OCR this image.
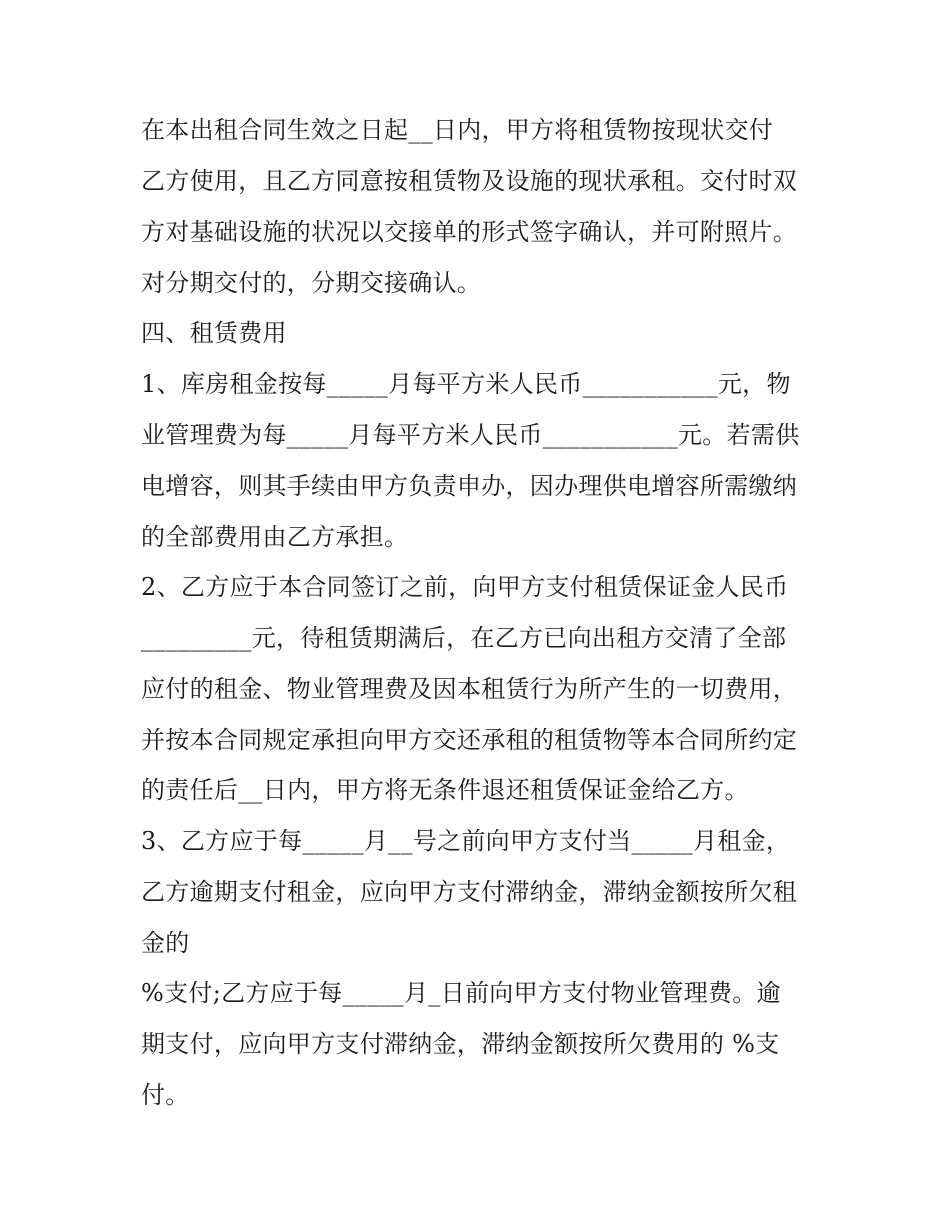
在本出租合同生效之日起__日内，甲方将租赁物按现状交付
乙方使用，且乙方同意按租赁物及设施的现状承租。交付时双
方对基础设施的状况以交接单的形式签字确认，并可附照片。
对分期交付的，分期交接确认。
四、租赁费用
1、库房租金按每_____月每平方米人民币___________元，物
业管理费为每_____月每平方米人民币___________元。若需供
电增容，则其手续由甲方负责申办，因办理供电增容所需缴纳
的全部费用由乙方承担。
2、乙方应于本合同签订之前，向甲方支付租赁保证金人民币
_________元，待租赁期满后，在乙方已向出租方交清了全部
应付的租金、物业管理费及因本租赁行为所产生的一切费用，
并按本合同规定承担向甲方交还承租的租赁物等本合同所约定
的责任后__日内，甲方将无条件退还租赁保证金给乙方。
3、乙方应于每_____月__号之前向甲方支付当_____月租金，
乙方逾期支付租金，应向甲方支付滞纳金，滞纳金额按所欠租
金的
%支付;乙方应于每_____月_日前向甲方支付物业管理费。逾
期支付，应向甲方支付滞纳金，滞纳金额按所欠费用的 %支
付。
